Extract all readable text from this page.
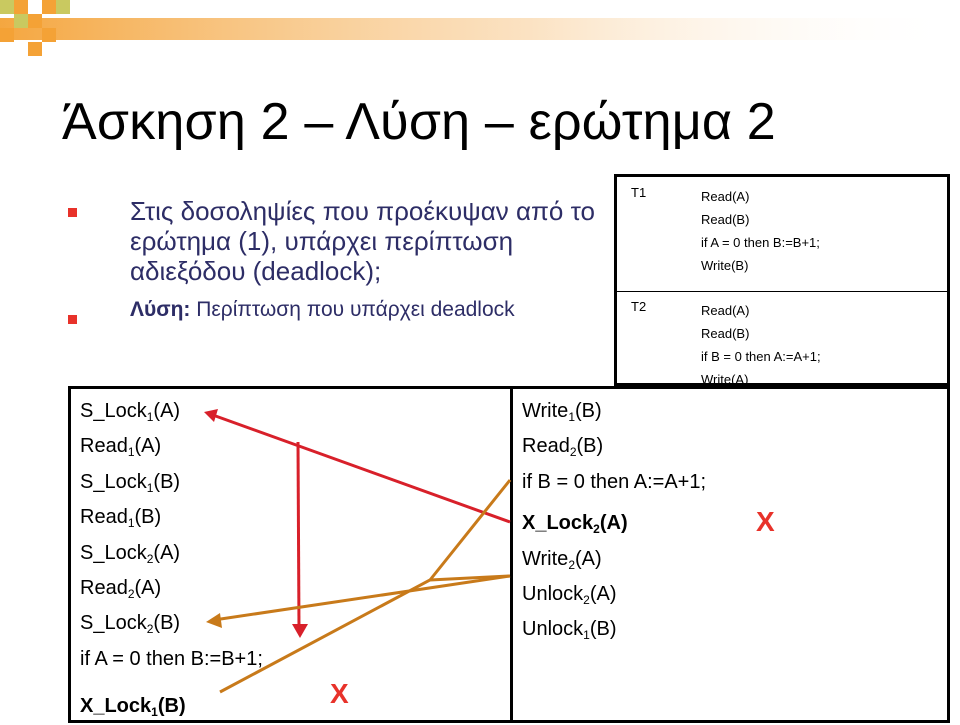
Άσκηση 2 – Λύση – ερώτημα 2
Στις δοσοληψίες που προέκυψαν από το ερώτημα (1), υπάρχει περίπτωση αδιεξόδου (deadlock);
Λύση: Περίπτωση που υπάρχει deadlock
T1	Read(A)
Read(B)
if A = 0 then B:=B+1;
Write(B)
T2	Read(A)
Read(B)
if B = 0 then A:=A+1;
Write(A)
S_Lock$_1$(A)
Read$_1$(A)
S_Lock$_1$(B)
Read$_1$(B)
S_Lock$_2$(A)
Read$_2$(A)
S_Lock$_2$(B)
if A = 0 then B:=B+1;
X_Lock$_1$(B)
Write$_1$(B)
Read$_2$(B)
if B = 0 then A:=A+1;
X_Lock$_2$(A)
Write$_2$(A)
Unlock$_2$(A)
Unlock$_1$(B)
X
X
